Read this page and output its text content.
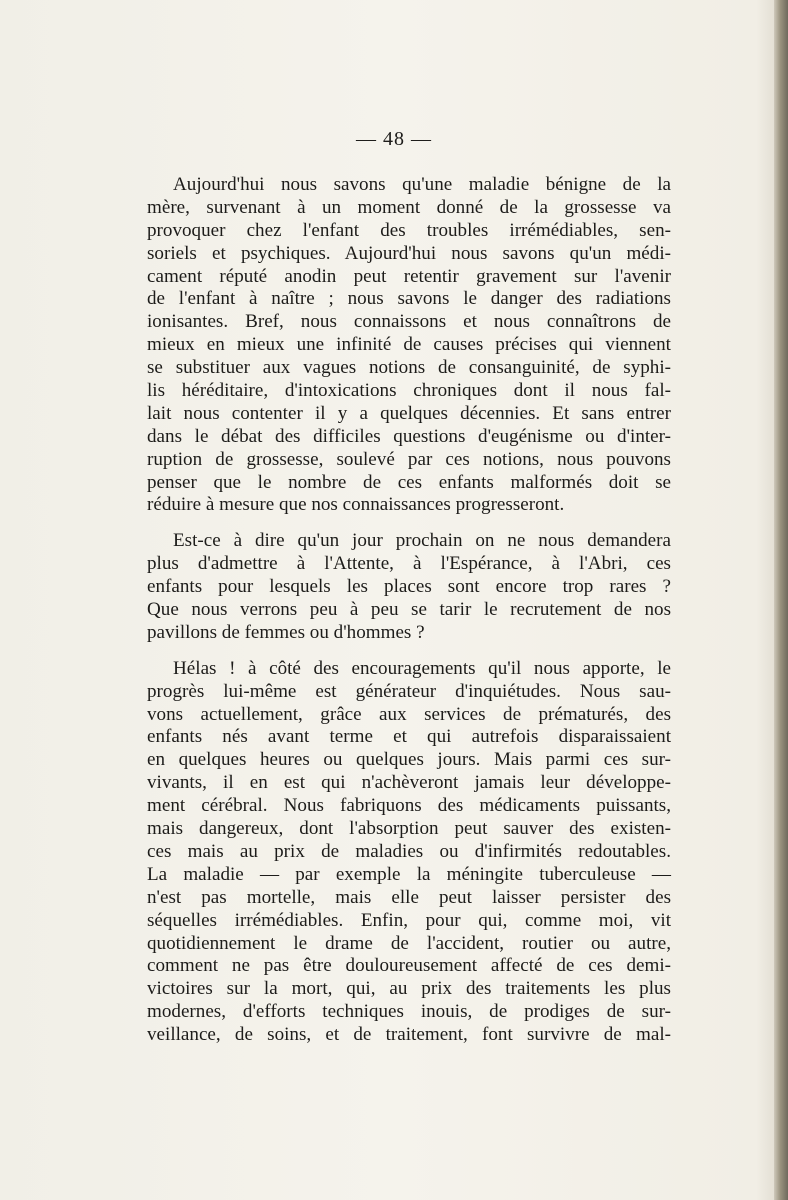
— 48 —
Aujourd'hui nous savons qu'une maladie bénigne de la
mère, survenant à un moment donné de la grossesse va
provoquer chez l'enfant des troubles irrémédiables, sen-
soriels et psychiques. Aujourd'hui nous savons qu'un médi-
cament réputé anodin peut retentir gravement sur l'avenir
de l'enfant à naître ; nous savons le danger des radiations
ionisantes. Bref, nous connaissons et nous connaîtrons de
mieux en mieux une infinité de causes précises qui viennent
se substituer aux vagues notions de consanguinité, de syphi-
lis héréditaire, d'intoxications chroniques dont il nous fal-
lait nous contenter il y a quelques décennies. Et sans entrer
dans le débat des difficiles questions d'eugénisme ou d'inter-
ruption de grossesse, soulevé par ces notions, nous pouvons
penser que le nombre de ces enfants malformés doit se
réduire à mesure que nos connaissances progresseront.
Est-ce à dire qu'un jour prochain on ne nous demandera
plus d'admettre à l'Attente, à l'Espérance, à l'Abri, ces
enfants pour lesquels les places sont encore trop rares ?
Que nous verrons peu à peu se tarir le recrutement de nos
pavillons de femmes ou d'hommes ?
Hélas ! à côté des encouragements qu'il nous apporte, le
progrès lui-même est générateur d'inquiétudes. Nous sau-
vons actuellement, grâce aux services de prématurés, des
enfants nés avant terme et qui autrefois disparaissaient
en quelques heures ou quelques jours. Mais parmi ces sur-
vivants, il en est qui n'achèveront jamais leur développe-
ment cérébral. Nous fabriquons des médicaments puissants,
mais dangereux, dont l'absorption peut sauver des existen-
ces mais au prix de maladies ou d'infirmités redoutables.
La maladie — par exemple la méningite tuberculeuse —
n'est pas mortelle, mais elle peut laisser persister des
séquelles irrémédiables. Enfin, pour qui, comme moi, vit
quotidiennement le drame de l'accident, routier ou autre,
comment ne pas être douloureusement affecté de ces demi-
victoires sur la mort, qui, au prix des traitements les plus
modernes, d'efforts techniques inouis, de prodiges de sur-
veillance, de soins, et de traitement, font survivre de mal-
